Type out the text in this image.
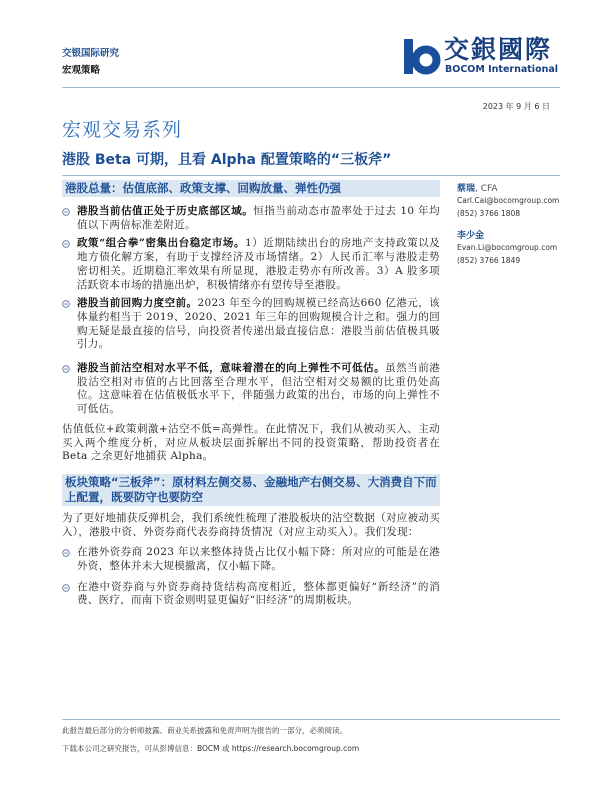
交银国际研究
宏观策略
交銀國際
BOCOM International
2023 年 9 月 6 日
宏观交易系列
港股 Beta 可期，且看 Alpha 配置策略的“三板斧”
港股总量：估值底部、政策支撑、回购放量、弹性仍强
港股当前估值正处于历史底部区域。恒指当前动态市盈率处于过去 10 年均值以下两倍标准差附近。
政策“组合拳”密集出台稳定市场。1）近期陆续出台的房地产支持政策以及地方债化解方案，有助于支撑经济及市场情绪。2）人民币汇率与港股走势密切相关。近期稳汇率效果有所显现，港股走势亦有所改善。3）A 股多项活跃资本市场的措施出炉，积极情绪亦有望传导至港股。
港股当前回购力度空前。2023 年至今的回购规模已经高达660 亿港元，该体量约相当于 2019、2020、2021 年三年的回购规模合计之和。强力的回购无疑是最直接的信号，向投资者传递出最直接信息：港股当前估值极具吸引力。
港股当前沽空相对水平不低，意味着潜在的向上弹性不可低估。虽然当前港股沽空相对市值的占比回落至合理水平，但沽空相对交易额的比重仍处高位。这意味着在估值极低水平下，伴随强力政策的出台，市场的向上弹性不可低估。
估值低位+政策刺激+沽空不低=高弹性。在此情况下，我们从被动买入、主动买入两个维度分析，对应从板块层面拆解出不同的投资策略，帮助投资者在 Beta 之余更好地捕获 Alpha。
板块策略“三板斧”：原材料左侧交易、金融地产右侧交易、大消费自下而上配置，既要防守也要防空
为了更好地捕获反弹机会，我们系统性梳理了港股板块的沽空数据（对应被动买入），港股中资、外资券商代表券商持货情况（对应主动买入）。我们发现：
在港外资券商 2023 年以来整体持货占比仅小幅下降：所对应的可能是在港外资，整体并未大规模撤离，仅小幅下降。
在港中资券商与外资券商持货结构高度相近，整体都更偏好“新经济”的消费、医疗，而南下资金则明显更偏好“旧经济”的周期板块。
蔡瑞, CFA
Carl.Cai@bocomgroup.com
(852) 3766 1808
李少金
Evan.Li@bocomgroup.com
(852) 3766 1849
此报告最后部分的分析师披露、商业关系披露和免责声明为报告的一部分，必须阅读。
下载本公司之研究报告，可从彭博信息：BOCM 或 https://research.bocomgroup.com
